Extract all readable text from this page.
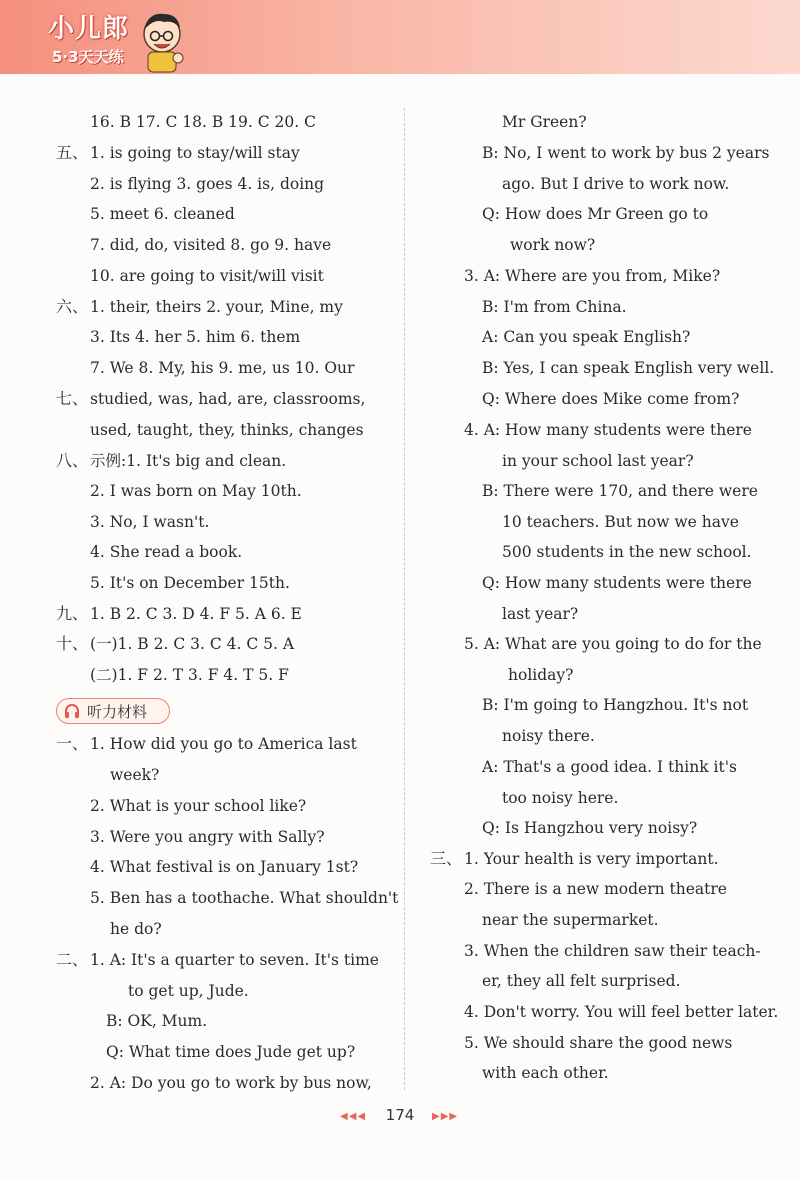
小儿郎
5·3天天练
16. B 17. C 18. B 19. C 20. C
五、 1. is going to stay/will stay
2. is flying 3. goes 4. is, doing
5. meet 6. cleaned
7. did, do, visited 8. go 9. have
10. are going to visit/will visit
六、 1. their, theirs 2. your, Mine, my
3. Its 4. her 5. him 6. them
7. We 8. My, his 9. me, us 10. Our
七、 studied, was, had, are, classrooms,
used, taught, they, thinks, changes
八、 示例:1. It's big and clean.
2. I was born on May 10th.
3. No, I wasn't.
4. She read a book.
5. It's on December 15th.
九、 1. B 2. C 3. D 4. F 5. A 6. E
十、 (一)1. B 2. C 3. C 4. C 5. A
(二)1. F 2. T 3. F 4. T 5. F
听力材料
一、 1. How did you go to America last
week?
2. What is your school like?
3. Were you angry with Sally?
4. What festival is on January 1st?
5. Ben has a toothache. What shouldn't
he do?
二、 1. A: It's a quarter to seven. It's time
to get up, Jude.
B: OK, Mum.
Q: What time does Jude get up?
2. A: Do you go to work by bus now,
Mr Green?
B: No, I went to work by bus 2 years
ago. But I drive to work now.
Q: How does Mr Green go to
work now?
3. A: Where are you from, Mike?
B: I'm from China.
A: Can you speak English?
B: Yes, I can speak English very well.
Q: Where does Mike come from?
4. A: How many students were there
in your school last year?
B: There were 170, and there were
10 teachers. But now we have
500 students in the new school.
Q: How many students were there
last year?
5. A: What are you going to do for the
holiday?
B: I'm going to Hangzhou. It's not
noisy there.
A: That's a good idea. I think it's
too noisy here.
Q: Is Hangzhou very noisy?
三、 1. Your health is very important.
2. There is a new modern theatre
near the supermarket.
3. When the children saw their teach-
er, they all felt surprised.
4. Don't worry. You will feel better later.
5. We should share the good news
with each other.
◀◀◀ 174 ▶▶▶
